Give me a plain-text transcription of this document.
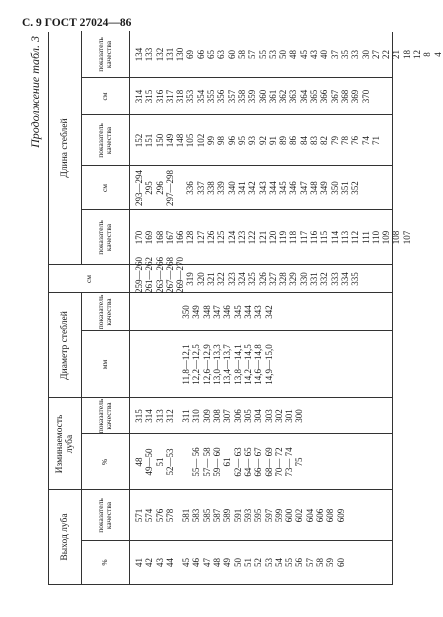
С. 9 ГОСТ 27024—86
Продолжение табл. 3
Выход луба
Изминаемость луба
Диаметр стеблей
Длина стеблей
%
показатель качества
%
показатель качества
мм
показатель качества
см
показатель качества
см
показатель качества
см
показатель качества
41 42 43 44 45 46 47 48 49 50 51 52 53 54 55 56 57 58 59 60
571 574 576 578 581 583 585 587 589 591 593 595 597 599 600 602 604 606 608 609
48 49—50 51 52—53 55— 56 57— 58 59— 60 61 62— 63 64— 65 66— 67 68— 69 70— 72 73— 74 75
315 314 313 312 311 310 309 308 307 306 305 304 303 302 301 300
11,8—12,1 12,2—12,5 12,6—12,9 13,0—13,3 13,4—13,7 13,8—14,1 14,2—14,5 14,6—14,8 14,9—15,0
350 349 348 347 346 345 344 343 342
259—260 261—262 263—266 267—268 269—270 319 320 321 322 323 324 325 326 327 328 329 330 331 332 333 334 335
170 169 168 167 166 128 127 126 125 124 123 122 121 120 119 118 117 116 115 114 113 112 111 110 109 108 107
293—294 295 296 297—298 336 337 338 339 340 341 342 343 344 345 346 347 348 349 350 351 352
152 151 150 149 148 105 102 99 98 96 95 93 92 91 89 86 84 83 82 79 78 76 74 71
314 315 316 317 318 353 354 355 356 357 358 359 360 361 362 363 364 365 366 367 368 369 370
134 133 132 131 130 69 66 65 63 60 58 57 55 53 50 48 45 43 40 37 35 33 30 27 22 21 18 12 8 4
